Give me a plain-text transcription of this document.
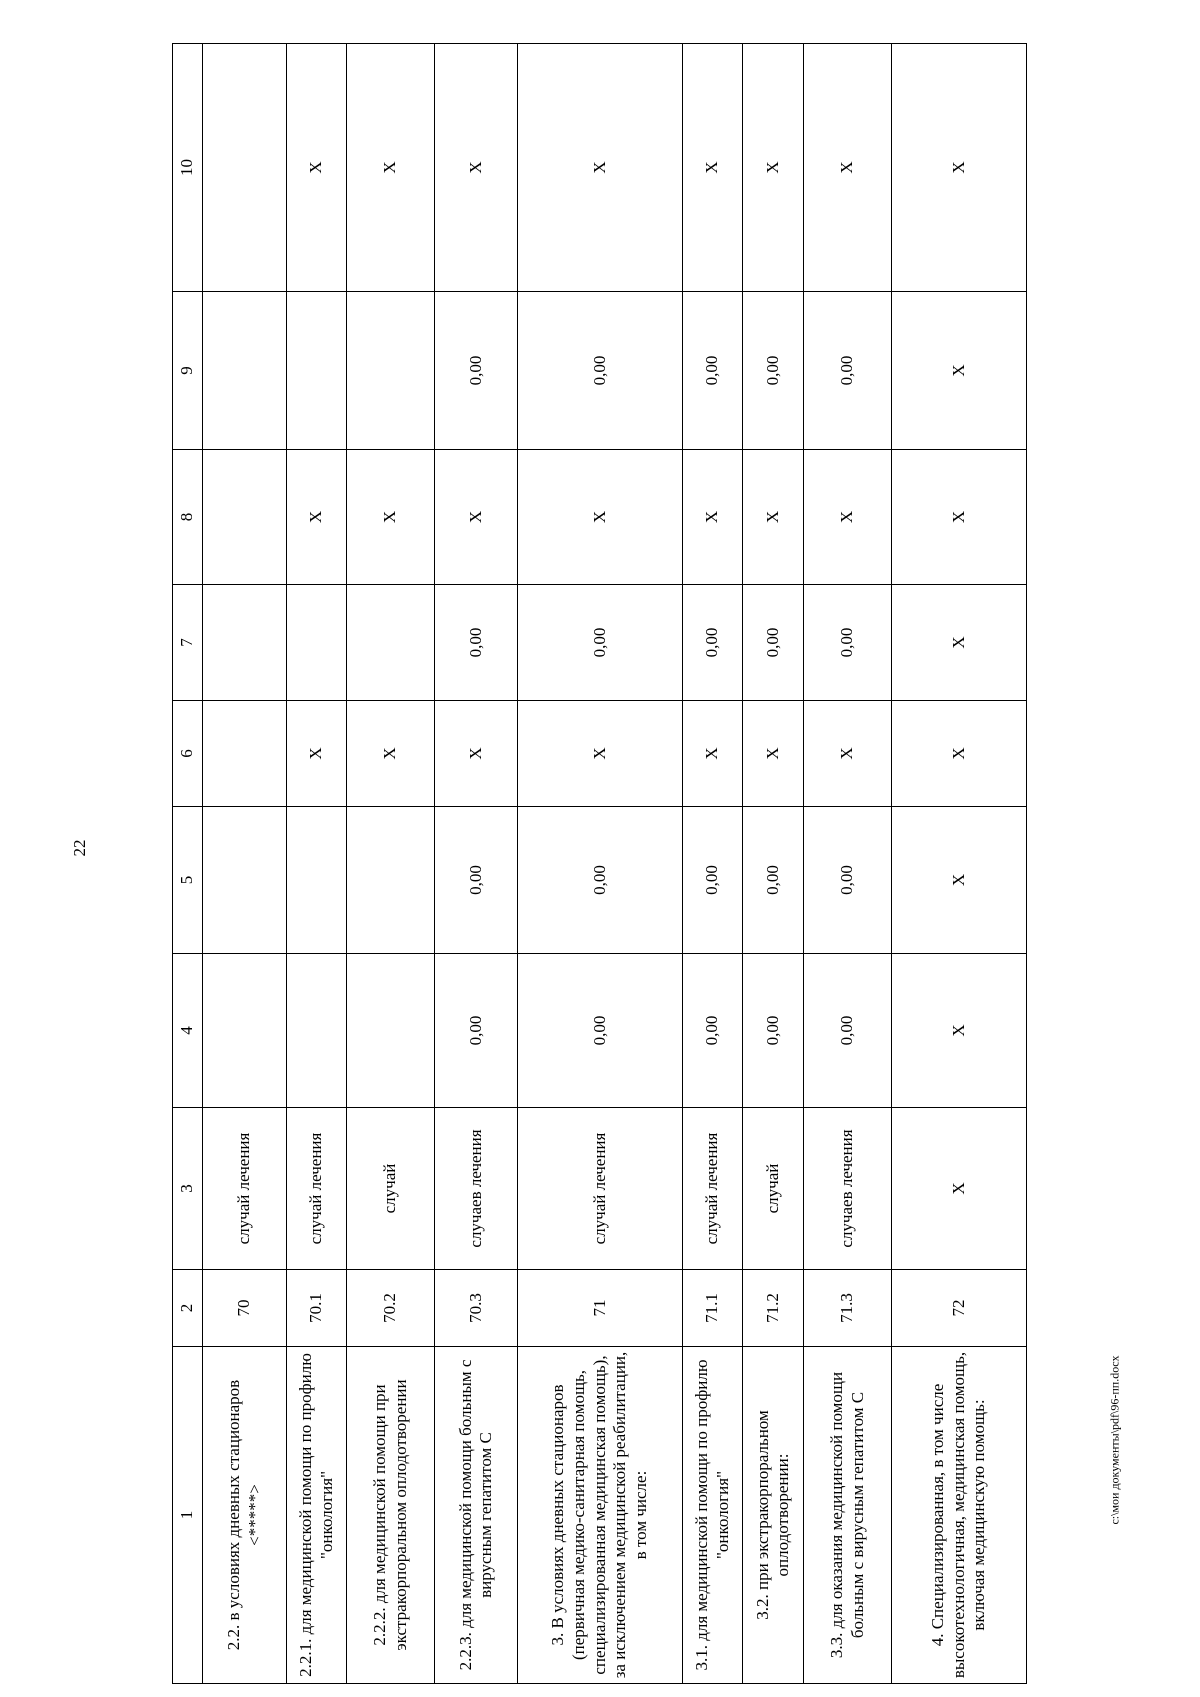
22
1	2	3	4	5	6	7	8	9	10
2.2. в условиях дневных стационаров <*****>	70	случай лечения							
2.2.1. для медицинской помощи по профилю "онкология"	70.1	случай лечения			X		X		X
2.2.2. для медицинской помощи при экстракорпоральном оплодотворении	70.2	случай			X		X		X
2.2.3. для медицинской помощи больным с вирусным гепатитом С	70.3	случаев лечения	0,00	0,00	X	0,00	X	0,00	X
3. В условиях дневных стационаров (первичная медико-санитарная помощь, специализированная медицинская помощь), за исключением медицинской реабилитации, в том числе:	71	случай лечения	0,00	0,00	X	0,00	X	0,00	X
3.1. для медицинской помощи по профилю "онкология"	71.1	случай лечения	0,00	0,00	X	0,00	X	0,00	X
3.2. при экстракорпоральном оплодотворении:	71.2	случай	0,00	0,00	X	0,00	X	0,00	X
3.3. для оказания медицинской помощи больным с вирусным гепатитом С	71.3	случаев лечения	0,00	0,00	X	0,00	X	0,00	X
4. Специализированная, в том числе высокотехнологичная, медицинская помощь, включая медицинскую помощь:	72	X	X	X	X	X	X	X	X
c:\мои документы\pdf\96-пп.docx
